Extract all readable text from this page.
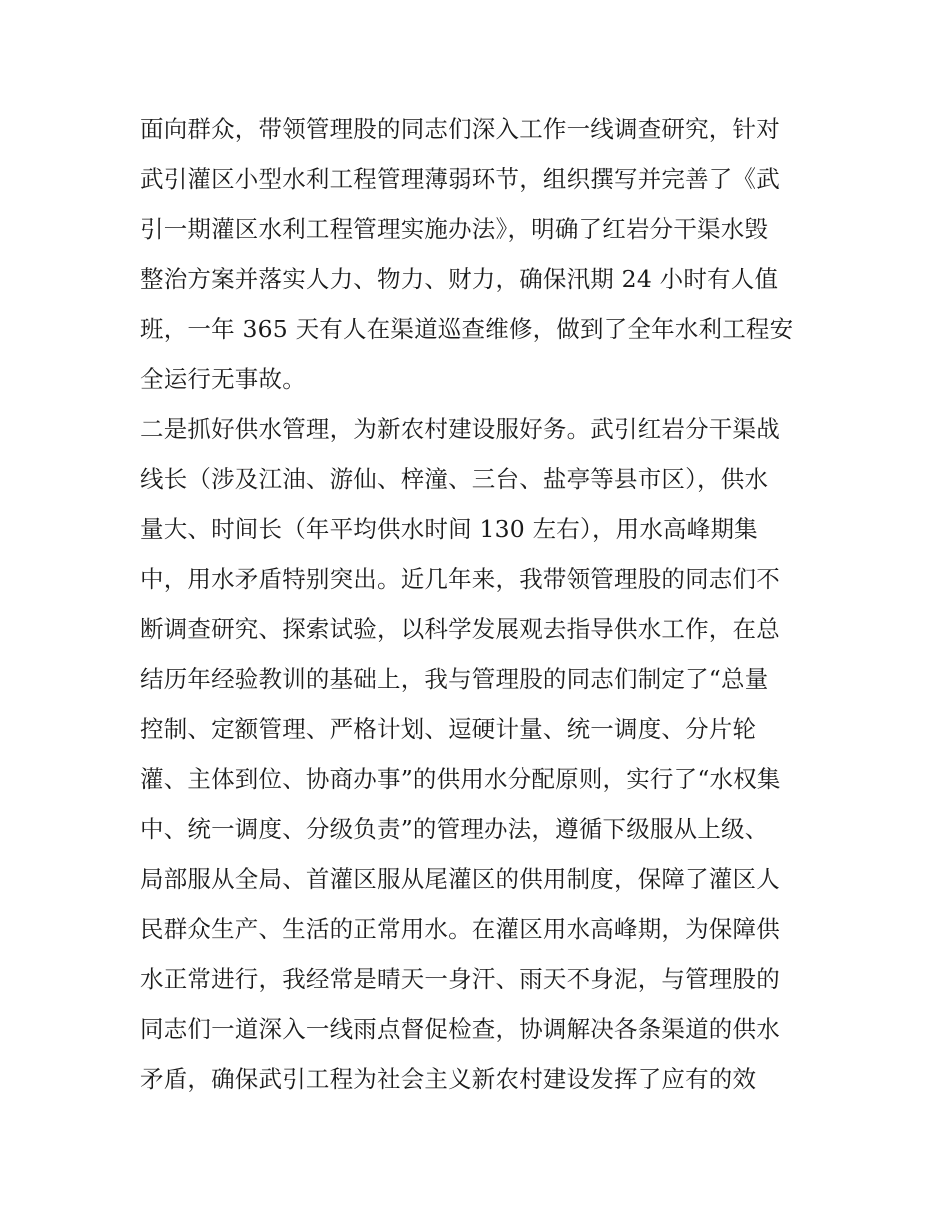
面向群众，带领管理股的同志们深入工作一线调查研究，针对
武引灌区小型水利工程管理薄弱环节，组织撰写并完善了《武
引一期灌区水利工程管理实施办法》，明确了红岩分干渠水毁
整治方案并落实人力、物力、财力，确保汛期 24 小时有人值
班，一年 365 天有人在渠道巡查维修，做到了全年水利工程安
全运行无事故。
二是抓好供水管理，为新农村建设服好务。武引红岩分干渠战
线长（涉及江油、游仙、梓潼、三台、盐亭等县市区），供水
量大、时间长（年平均供水时间 130 左右），用水高峰期集
中，用水矛盾特别突出。近几年来，我带领管理股的同志们不
断调查研究、探索试验，以科学发展观去指导供水工作，在总
结历年经验教训的基础上，我与管理股的同志们制定了“总量
控制、定额管理、严格计划、逗硬计量、统一调度、分片轮
灌、主体到位、协商办事”的供用水分配原则，实行了“水权集
中、统一调度、分级负责”的管理办法，遵循下级服从上级、
局部服从全局、首灌区服从尾灌区的供用制度，保障了灌区人
民群众生产、生活的正常用水。在灌区用水高峰期，为保障供
水正常进行，我经常是晴天一身汗、雨天不身泥，与管理股的
同志们一道深入一线雨点督促检查，协调解决各条渠道的供水
矛盾，确保武引工程为社会主义新农村建设发挥了应有的效
